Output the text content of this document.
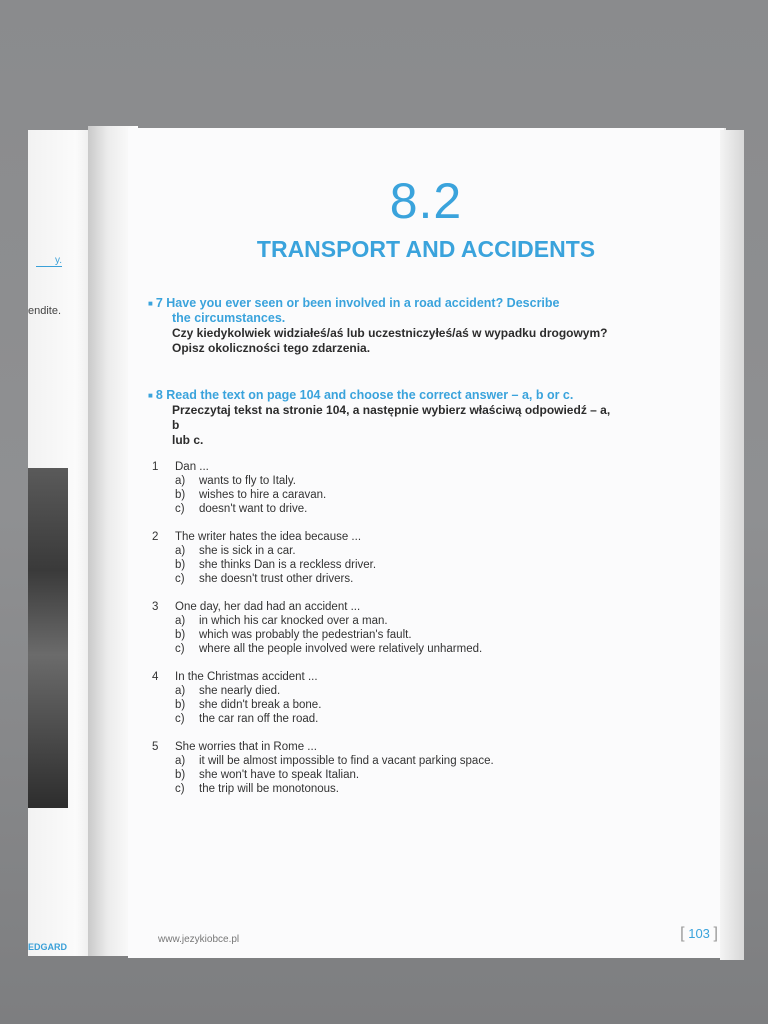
y.
endite.
EDGARD
8.2
TRANSPORT AND ACCIDENTS
■ 7 Have you ever seen or been involved in a road accident? Describe
the circumstances.
Czy kiedykolwiek widziałeś/aś lub uczestniczyłeś/aś w wypadku drogowym?
Opisz okoliczności tego zdarzenia.
■ 8 Read the text on page 104 and choose the correct answer – a, b or c.
Przeczytaj tekst na stronie 104, a następnie wybierz właściwą odpowiedź – a, b
lub c.
1 Dan ...
a) wants to fly to Italy.
b) wishes to hire a caravan.
c) doesn't want to drive.
2 The writer hates the idea because ...
a) she is sick in a car.
b) she thinks Dan is a reckless driver.
c) she doesn't trust other drivers.
3 One day, her dad had an accident ...
a) in which his car knocked over a man.
b) which was probably the pedestrian's fault.
c) where all the people involved were relatively unharmed.
4 In the Christmas accident ...
a) she nearly died.
b) she didn't break a bone.
c) the car ran off the road.
5 She worries that in Rome ...
a) it will be almost impossible to find a vacant parking space.
b) she won't have to speak Italian.
c) the trip will be monotonous.
www.jezykiobce.pl	[ 103 ]
